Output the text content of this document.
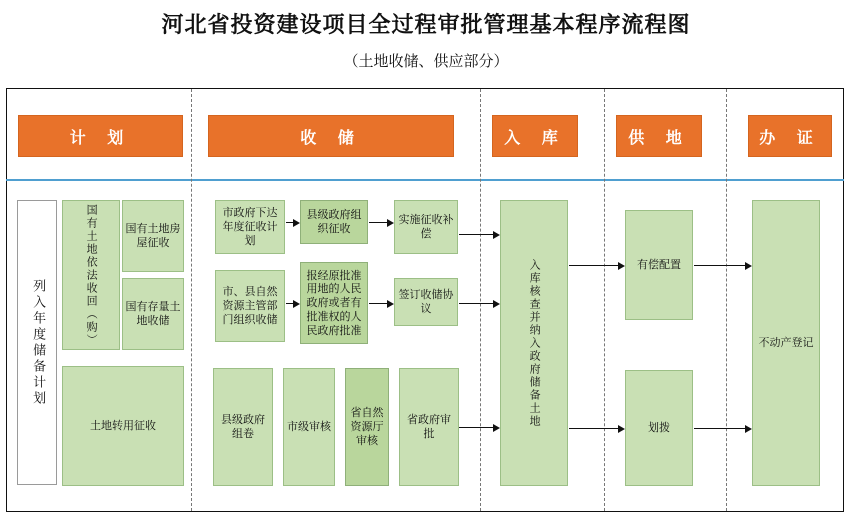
河北省投资建设项目全过程审批管理基本程序流程图
（土地收储、供应部分）
计 划	收 储	入 库	供 地	办 证
列入年度储备计划	国有土地依法收回（购）	国有土地房屋征收
国有存量土地收储
土地转用征收
市政府下达年度征收计划
县级政府组织征收
实施征收补偿
市、县自然资源主管部门组织收储
报经原批准用地的人民政府或者有批准权的人民政府批准
签订收储协议
县级政府组卷
市级审核
省自然资源厅审核
省政府审批
入库核查并纳入政府储备土地	有偿配置
划拨
不动产登记
